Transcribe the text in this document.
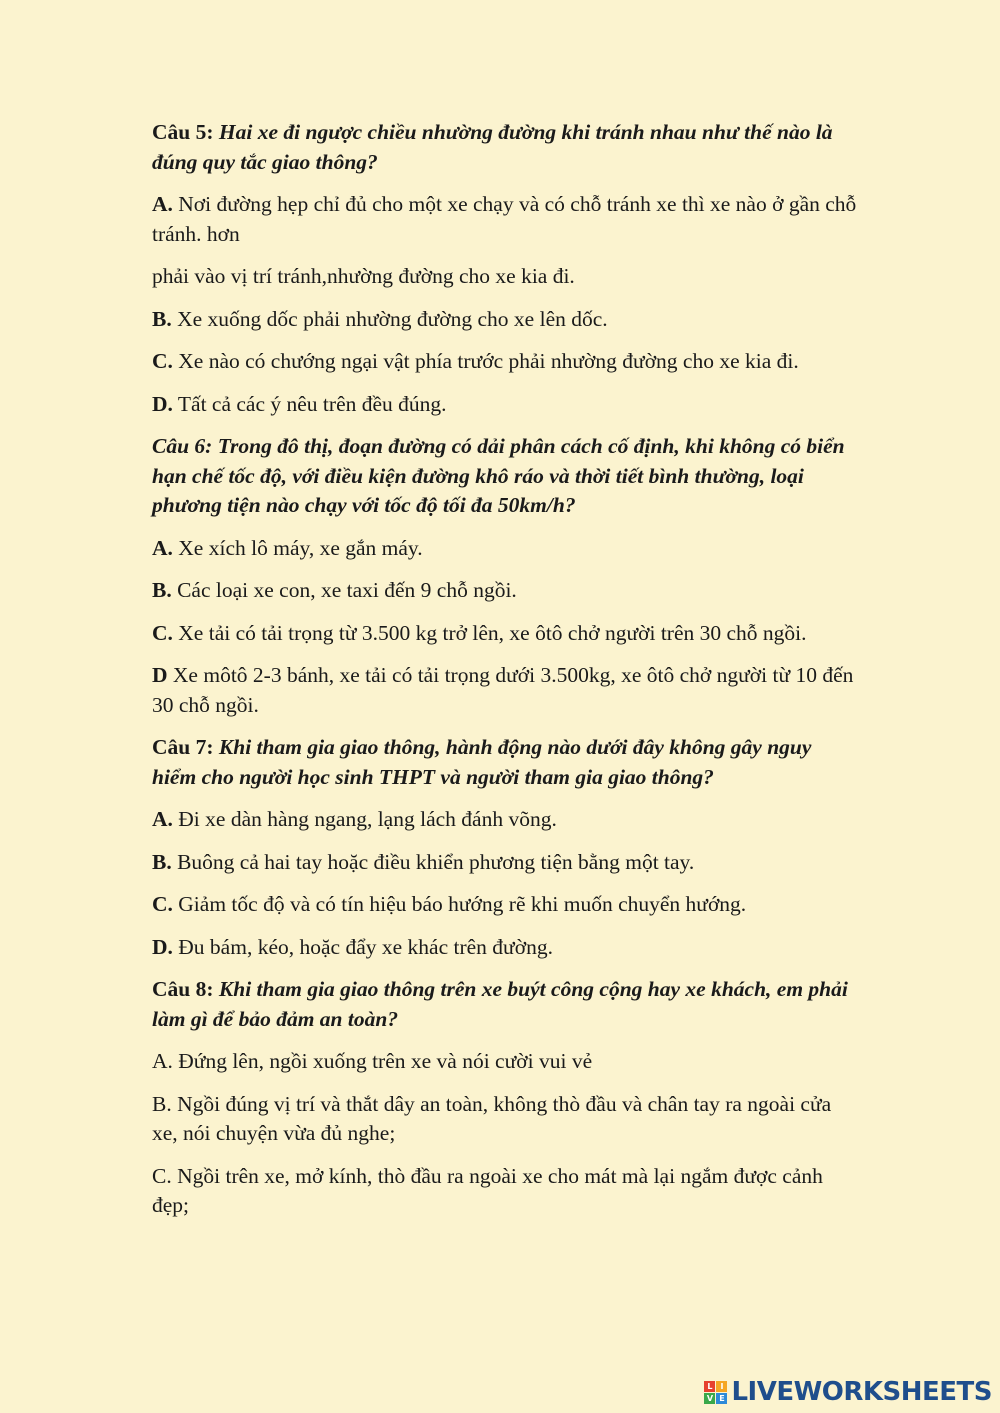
Câu 5: Hai xe đi ngược chiều nhường đường khi tránh nhau như thế nào là đúng quy tắc giao thông?
A. Nơi đường hẹp chỉ đủ cho một xe chạy và có chỗ tránh xe thì xe nào ở gần chỗ tránh. hơn
phải vào vị trí tránh,nhường đường cho xe kia đi.
B. Xe xuống dốc phải nhường đường cho xe lên dốc.
C. Xe nào có chướng ngại vật phía trước phải nhường đường cho xe kia đi.
D. Tất cả các ý nêu trên đều đúng.
Câu 6: Trong đô thị, đoạn đường có dải phân cách cố định, khi không có biển hạn chế tốc độ, với điều kiện đường khô ráo và thời tiết bình thường, loại phương tiện nào chạy với tốc độ tối đa 50km/h?
A. Xe xích lô máy, xe gắn máy.
B. Các loại xe con, xe taxi đến 9 chỗ ngồi.
C. Xe tải có tải trọng từ 3.500 kg trở lên, xe ôtô chở người trên 30 chỗ ngồi.
D Xe môtô 2-3 bánh, xe tải có tải trọng dưới 3.500kg, xe ôtô chở người từ 10 đến 30 chỗ ngồi.
Câu 7: Khi tham gia giao thông, hành động nào dưới đây không gây nguy hiểm cho người học sinh THPT và người tham gia giao thông?
A. Đi xe dàn hàng ngang, lạng lách đánh võng.
B. Buông cả hai tay hoặc điều khiển phương tiện bằng một tay.
C. Giảm tốc độ và có tín hiệu báo hướng rẽ khi muốn chuyển hướng.
D. Đu bám, kéo, hoặc đẩy xe khác trên đường.
Câu 8: Khi tham gia giao thông trên xe buýt công cộng hay xe khách, em phải làm gì để bảo đảm an toàn?
A. Đứng lên, ngồi xuống trên xe và nói cười vui vẻ
B. Ngồi đúng vị trí và thắt dây an toàn, không thò đầu và chân tay ra ngoài cửa xe, nói chuyện vừa đủ nghe;
C. Ngồi trên xe, mở kính, thò đầu ra ngoài xe cho mát mà lại ngắm được cảnh đẹp;
L I
V E LIVEWORKSHEETS
